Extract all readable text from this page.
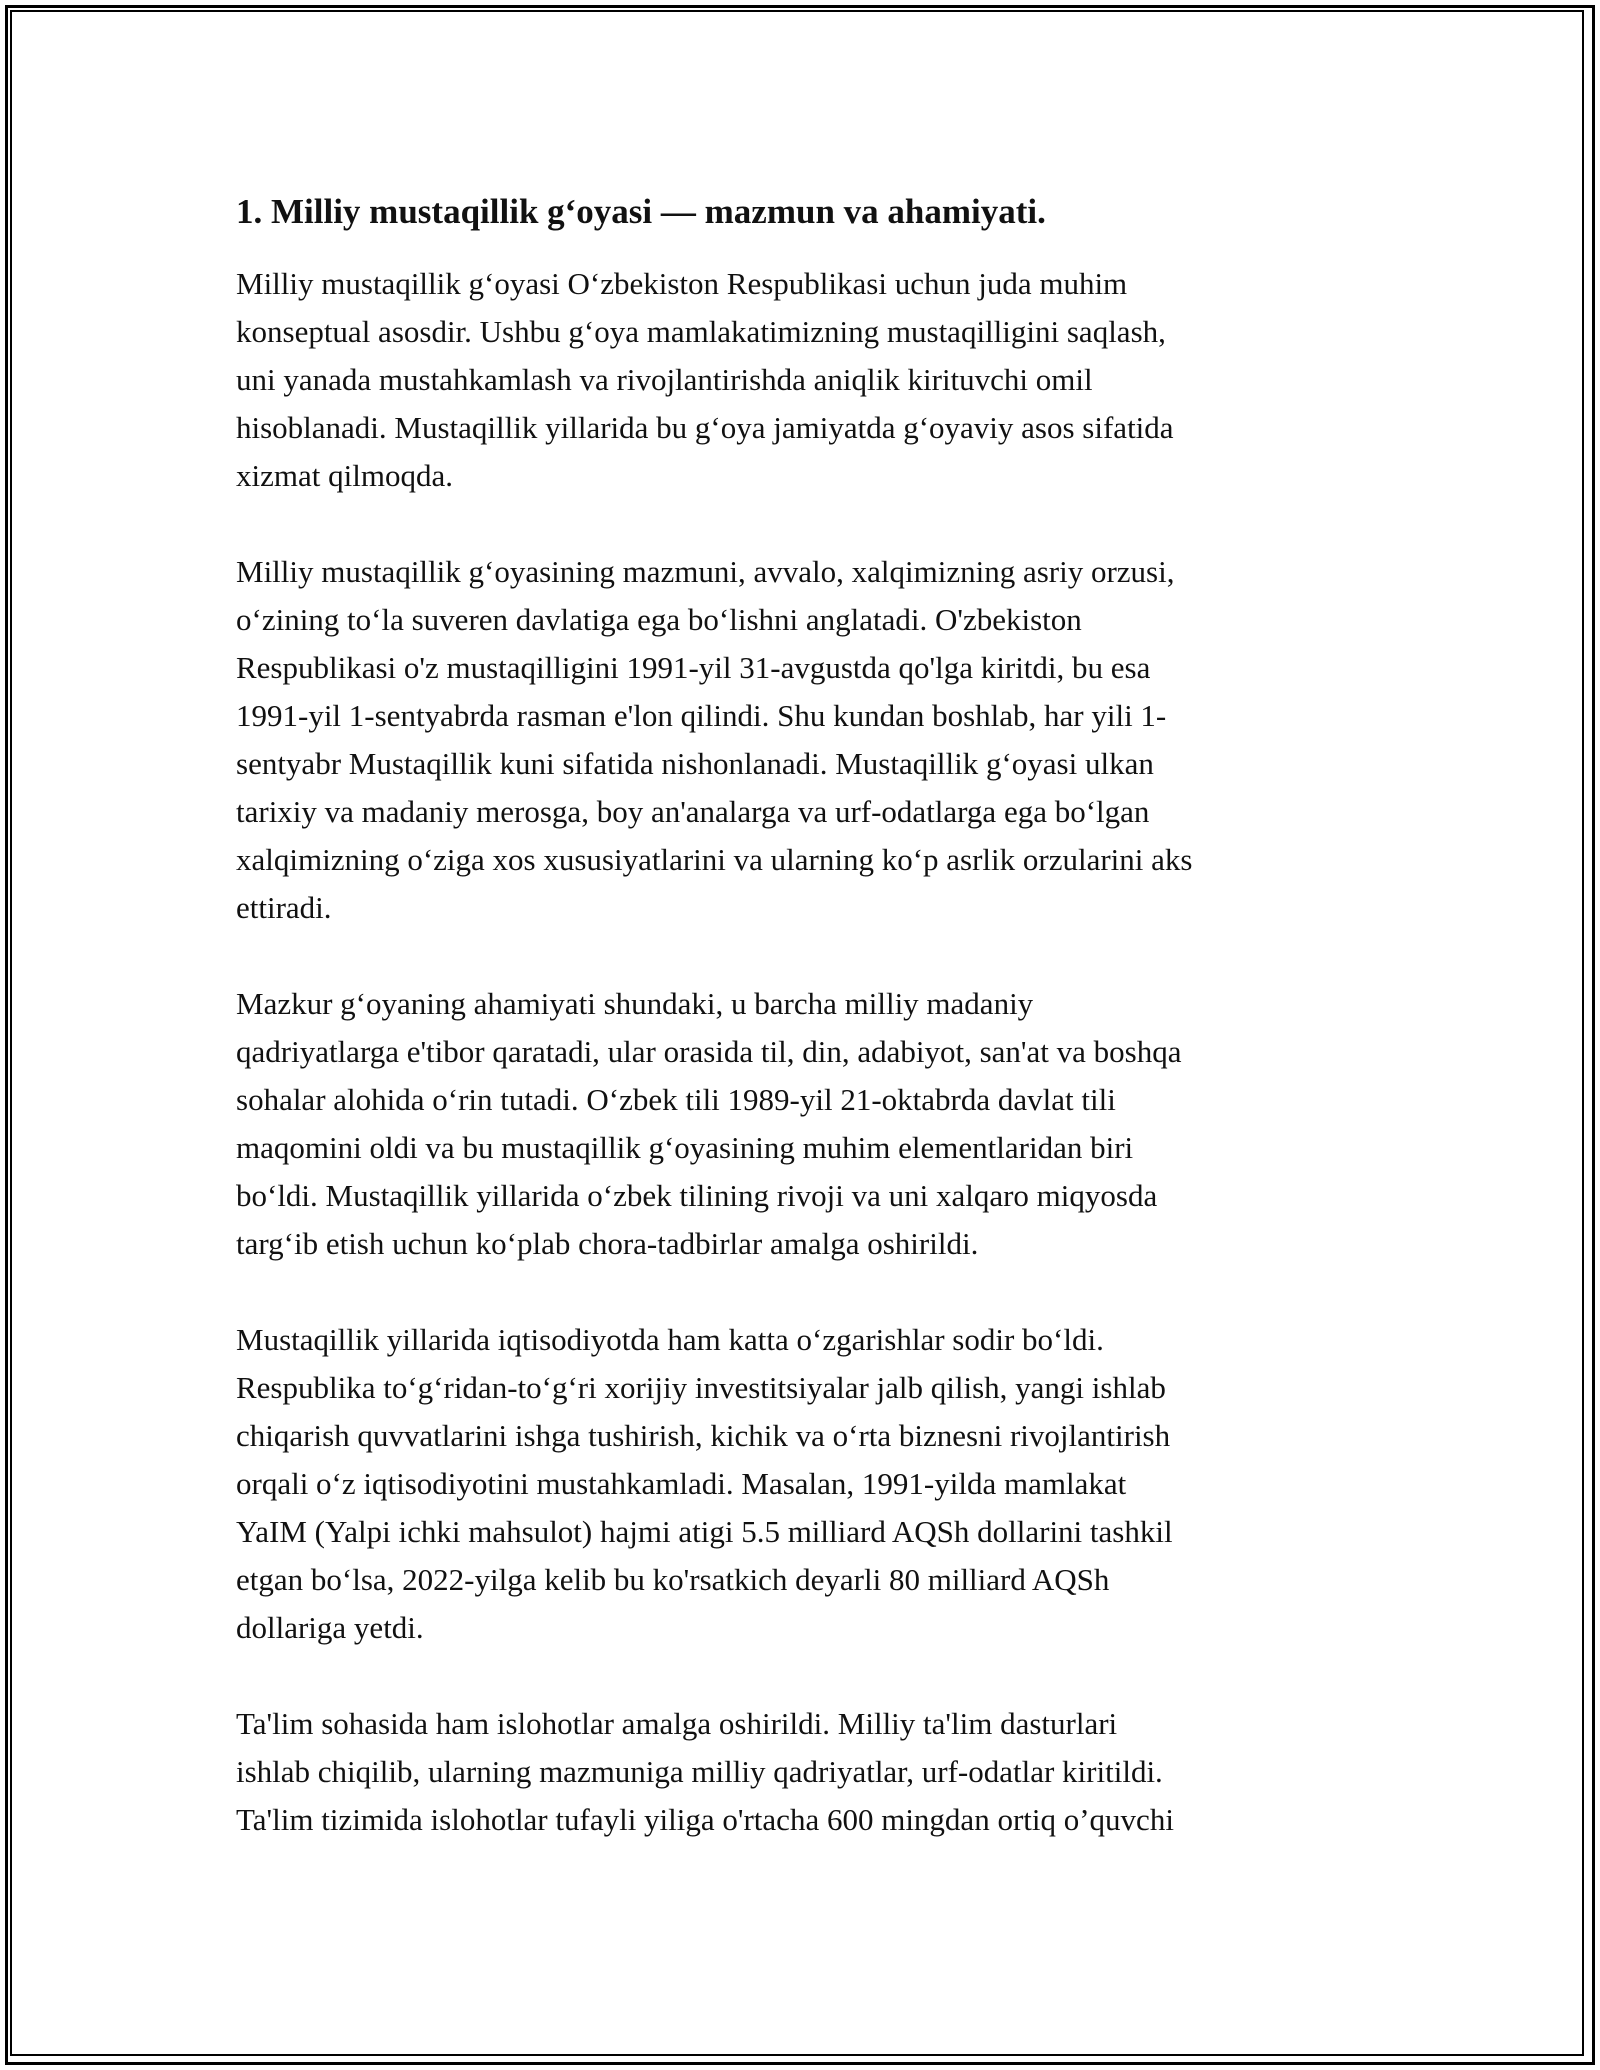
1. Milliy mustaqillik g‘oyasi — mazmun va ahamiyati.
Milliy mustaqillik g‘oyasi O‘zbekiston Respublikasi uchun juda muhim
konseptual asosdir. Ushbu g‘oya mamlakatimizning mustaqilligini saqlash,
uni yanada mustahkamlash va rivojlantirishda aniqlik kirituvchi omil
hisoblanadi. Mustaqillik yillarida bu g‘oya jamiyatda g‘oyaviy asos sifatida
xizmat qilmoqda.
Milliy mustaqillik g‘oyasining mazmuni, avvalo, xalqimizning asriy orzusi,
o‘zining to‘la suveren davlatiga ega bo‘lishni anglatadi. O'zbekiston
Respublikasi o'z mustaqilligini 1991-yil 31-avgustda qo'lga kiritdi, bu esa
1991-yil 1-sentyabrda rasman e'lon qilindi. Shu kundan boshlab, har yili 1-
sentyabr Mustaqillik kuni sifatida nishonlanadi. Mustaqillik g‘oyasi ulkan
tarixiy va madaniy merosga, boy an'analarga va urf-odatlarga ega bo‘lgan
xalqimizning o‘ziga xos xususiyatlarini va ularning ko‘p asrlik orzularini aks
ettiradi.
Mazkur g‘oyaning ahamiyati shundaki, u barcha milliy madaniy
qadriyatlarga e'tibor qaratadi, ular orasida til, din, adabiyot, san'at va boshqa
sohalar alohida o‘rin tutadi. O‘zbek tili 1989-yil 21-oktabrda davlat tili
maqomini oldi va bu mustaqillik g‘oyasining muhim elementlaridan biri
bo‘ldi. Mustaqillik yillarida o‘zbek tilining rivoji va uni xalqaro miqyosda
targ‘ib etish uchun ko‘plab chora-tadbirlar amalga oshirildi.
Mustaqillik yillarida iqtisodiyotda ham katta o‘zgarishlar sodir bo‘ldi.
Respublika to‘g‘ridan-to‘g‘ri xorijiy investitsiyalar jalb qilish, yangi ishlab
chiqarish quvvatlarini ishga tushirish, kichik va o‘rta biznesni rivojlantirish
orqali o‘z iqtisodiyotini mustahkamladi. Masalan, 1991-yilda mamlakat
YaIM (Yalpi ichki mahsulot) hajmi atigi 5.5 milliard AQSh dollarini tashkil
etgan bo‘lsa, 2022-yilga kelib bu ko'rsatkich deyarli 80 milliard AQSh
dollariga yetdi.
Ta'lim sohasida ham islohotlar amalga oshirildi. Milliy ta'lim dasturlari
ishlab chiqilib, ularning mazmuniga milliy qadriyatlar, urf-odatlar kiritildi.
Ta'lim tizimida islohotlar tufayli yiliga o'rtacha 600 mingdan ortiq o’quvchi
